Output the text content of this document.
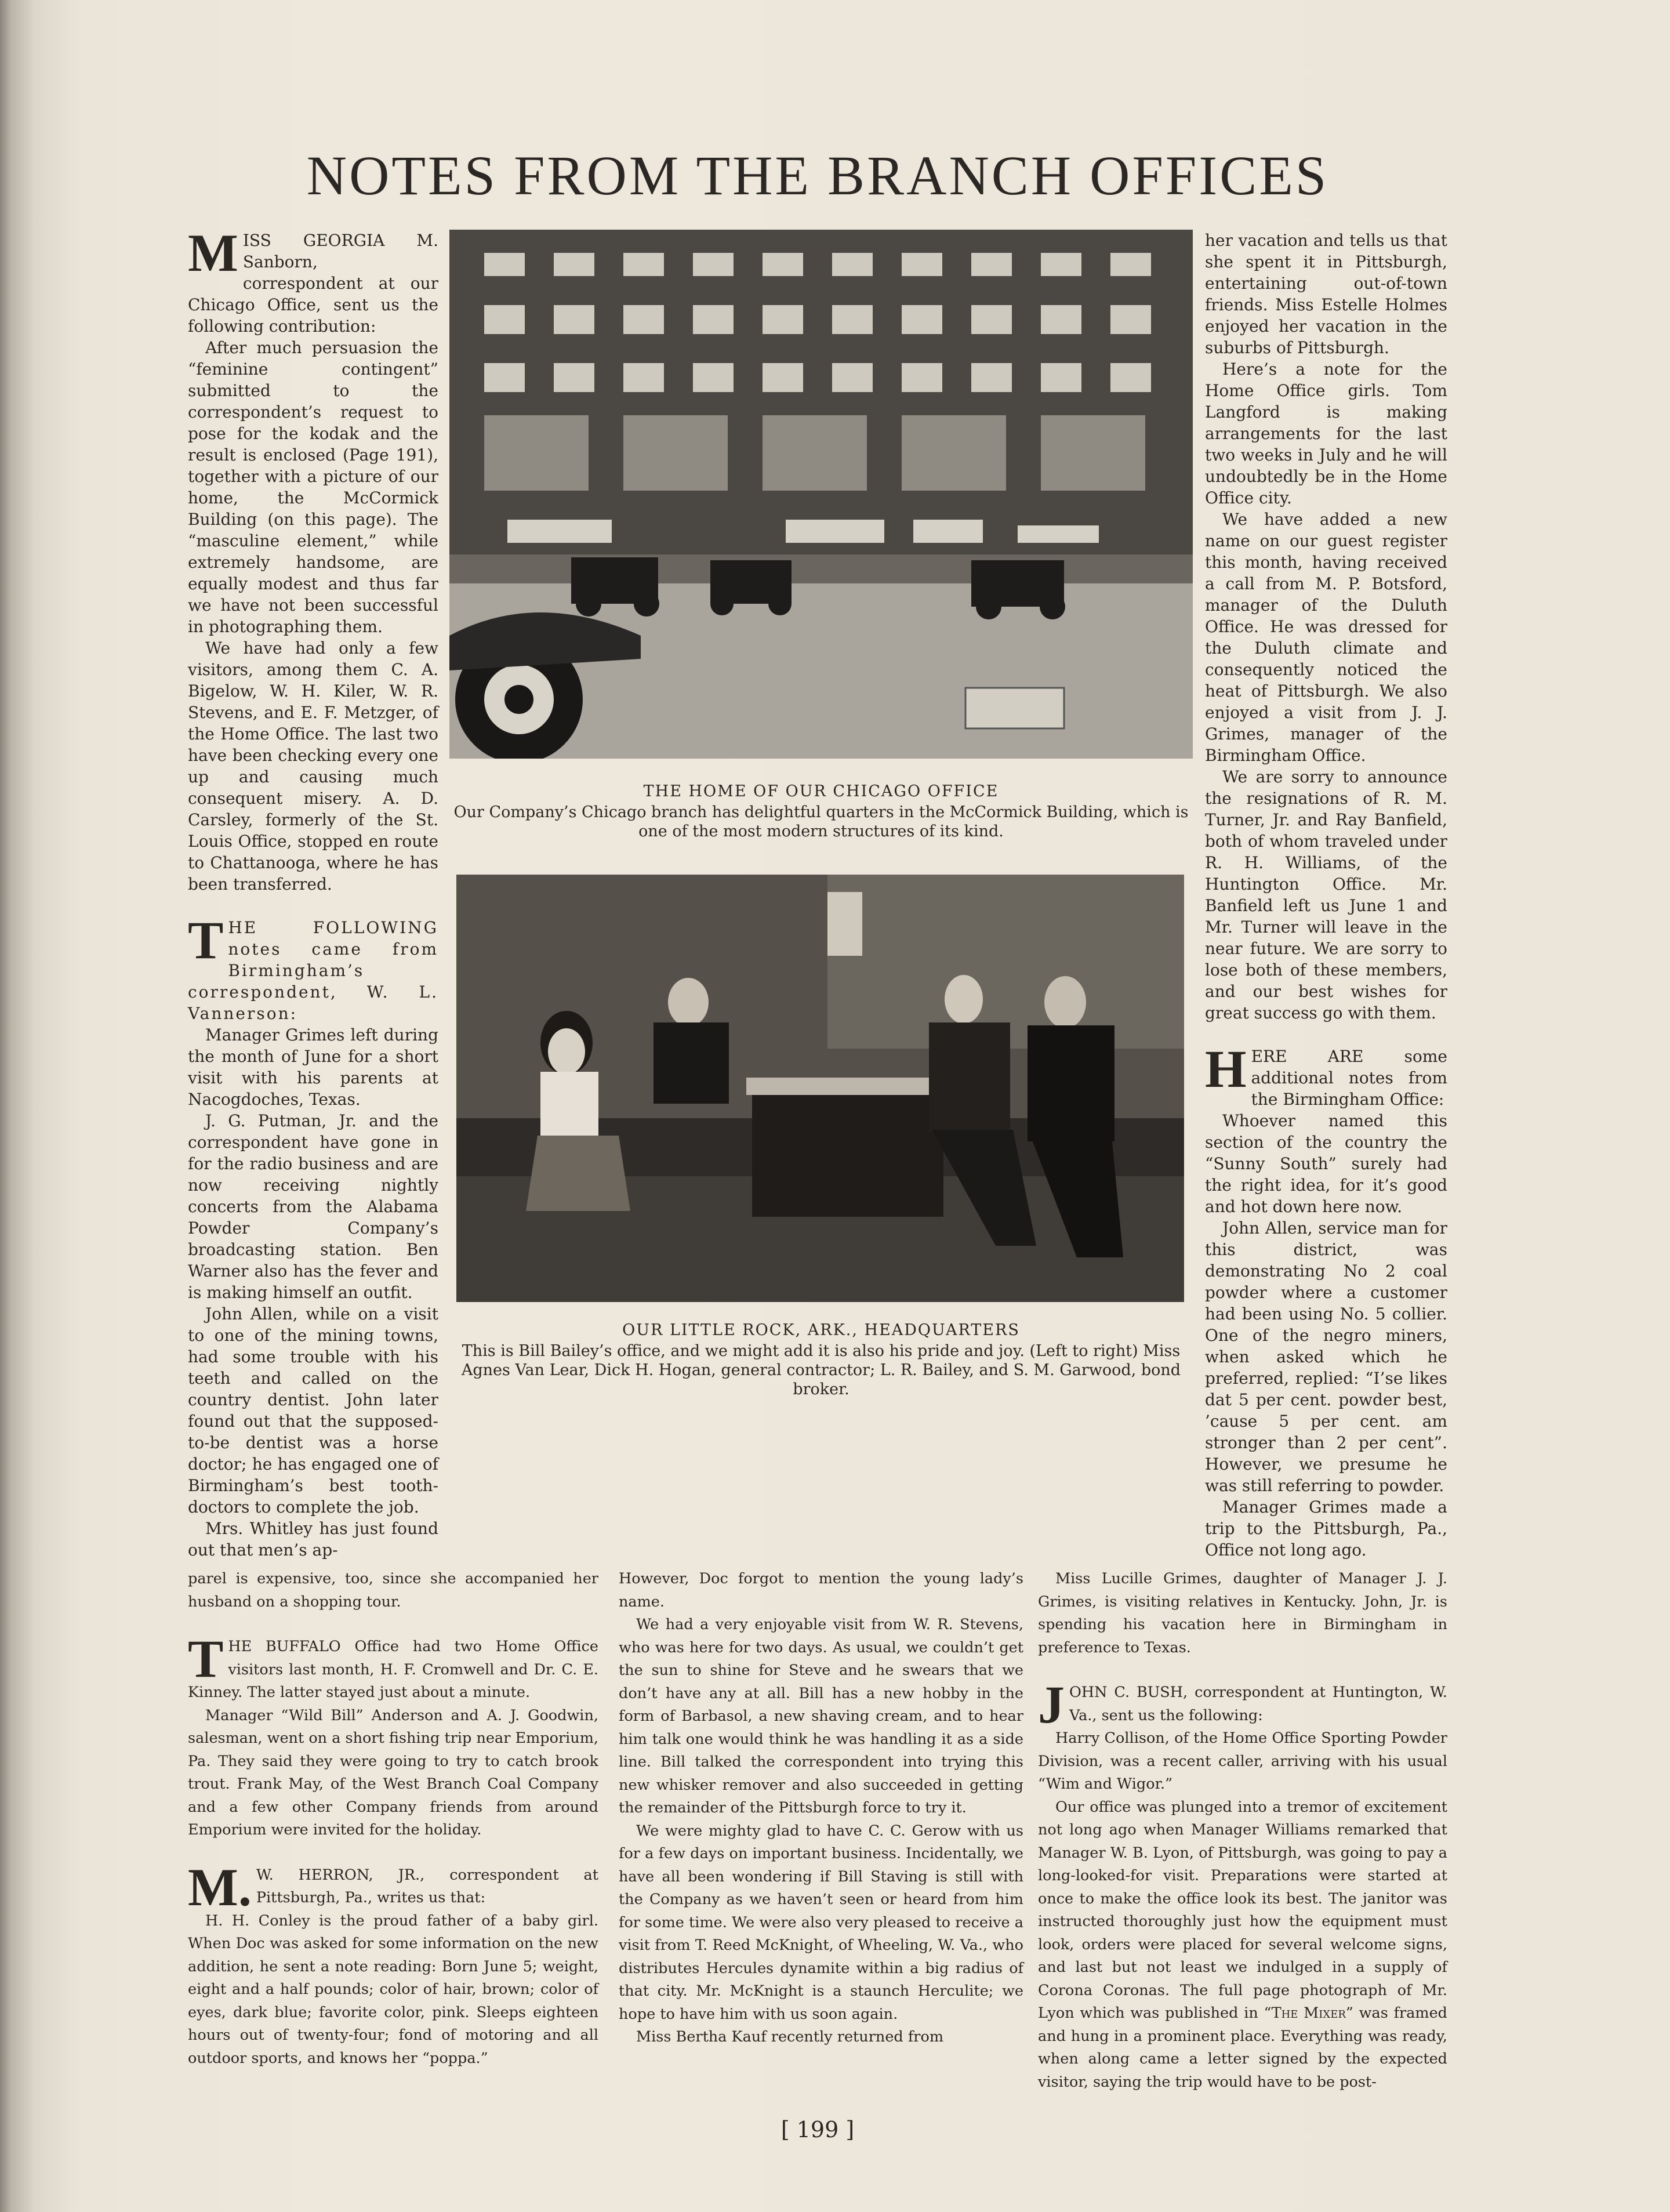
NOTES FROM THE BRANCH OFFICES

MISS GEORGIA M. Sanborn, correspondent at our Chicago Office, sent us the following contribution:

After much persuasion the “feminine contingent” submitted to the correspondent’s request to pose for the kodak and the result is enclosed (Page 191), together with a picture of our home, the McCormick Building (on this page). The “masculine element,” while extremely handsome, are equally modest and thus far we have not been successful in photographing them.

We have had only a few visitors, among them C. A. Bigelow, W. H. Kiler, W. R. Stevens, and E. F. Metzger, of the Home Office. The last two have been checking every one up and causing much consequent misery. A. D. Carsley, formerly of the St. Louis Office, stopped en route to Chattanooga, where he has been transferred.

THE FOLLOWING notes came from Birmingham’s correspondent, W. L. Vannerson:

Manager Grimes left during the month of June for a short visit with his parents at Nacogdoches, Texas.

J. G. Putman, Jr. and the correspondent have gone in for the radio business and are now receiving nightly concerts from the Alabama Powder Company’s broadcasting station. Ben Warner also has the fever and is making himself an outfit.

John Allen, while on a visit to one of the mining towns, had some trouble with his teeth and called on the country dentist. John later found out that the supposed-to-be dentist was a horse doctor; he has engaged one of Birmingham’s best tooth-doctors to complete the job.

Mrs. Whitley has just found out that men’s ap-

THE HOME OF OUR CHICAGO OFFICE
Our Company’s Chicago branch has delightful quarters in the McCormick Building, which is one of the most modern structures of its kind.
OUR LITTLE ROCK, ARK., HEADQUARTERS
This is Bill Bailey’s office, and we might add it is also his pride and joy. (Left to right) Miss Agnes Van Lear, Dick H. Hogan, general contractor; L. R. Bailey, and S. M. Garwood, bond broker.

her vacation and tells us that she spent it in Pittsburgh, entertaining out-of-town friends. Miss Estelle Holmes enjoyed her vacation in the suburbs of Pittsburgh.

Here’s a note for the Home Office girls. Tom Langford is making arrangements for the last two weeks in July and he will undoubtedly be in the Home Office city.

We have added a new name on our guest register this month, having received a call from M. P. Botsford, manager of the Duluth Office. He was dressed for the Duluth climate and consequently noticed the heat of Pittsburgh. We also enjoyed a visit from J. J. Grimes, manager of the Birmingham Office.

We are sorry to announce the resignations of R. M. Turner, Jr. and Ray Banfield, both of whom traveled under R. H. Williams, of the Huntington Office. Mr. Banfield left us June 1 and Mr. Turner will leave in the near future. We are sorry to lose both of these members, and our best wishes for great success go with them.

HERE ARE some additional notes from the Birmingham Office:

Whoever named this section of the country the “Sunny South” surely had the right idea, for it’s good and hot down here now.

John Allen, service man for this district, was demonstrating No 2 coal powder where a customer had been using No. 5 collier. One of the negro miners, when asked which he preferred, replied: “I’se likes dat 5 per cent. powder best, ’cause 5 per cent. am stronger than 2 per cent”. However, we presume he was still referring to powder.

Manager Grimes made a trip to the Pittsburgh, Pa., Office not long ago.

parel is expensive, too, since she accompanied her husband on a shopping tour.

THE BUFFALO Office had two Home Office visitors last month, H. F. Cromwell and Dr. C. E. Kinney. The latter stayed just about a minute.

Manager “Wild Bill” Anderson and A. J. Goodwin, salesman, went on a short fishing trip near Emporium, Pa. They said they were going to try to catch brook trout. Frank May, of the West Branch Coal Company and a few other Company friends from around Emporium were invited for the holiday.

M. W. HERRON, JR., correspondent at Pittsburgh, Pa., writes us that:

H. H. Conley is the proud father of a baby girl. When Doc was asked for some information on the new addition, he sent a note reading: Born June 5; weight, eight and a half pounds; color of hair, brown; color of eyes, dark blue; favorite color, pink. Sleeps eighteen hours out of twenty-four; fond of motoring and all outdoor sports, and knows her “poppa.”

However, Doc forgot to mention the young lady’s name.

We had a very enjoyable visit from W. R. Stevens, who was here for two days. As usual, we couldn’t get the sun to shine for Steve and he swears that we don’t have any at all. Bill has a new hobby in the form of Barbasol, a new shaving cream, and to hear him talk one would think he was handling it as a side line. Bill talked the correspondent into trying this new whisker remover and also succeeded in getting the remainder of the Pittsburgh force to try it.

We were mighty glad to have C. C. Gerow with us for a few days on important business. Incidentally, we have all been wondering if Bill Staving is still with the Company as we haven’t seen or heard from him for some time. We were also very pleased to receive a visit from T. Reed McKnight, of Wheeling, W. Va., who distributes Hercules dynamite within a big radius of that city. Mr. McKnight is a staunch Herculite; we hope to have him with us soon again.

Miss Bertha Kauf recently returned from

Miss Lucille Grimes, daughter of Manager J. J. Grimes, is visiting relatives in Kentucky. John, Jr. is spending his vacation here in Birmingham in preference to Texas.

JOHN C. BUSH, correspondent at Huntington, W. Va., sent us the following:

Harry Collison, of the Home Office Sporting Powder Division, was a recent caller, arriving with his usual “Wim and Wigor.”

Our office was plunged into a tremor of excitement not long ago when Manager Williams remarked that Manager W. B. Lyon, of Pittsburgh, was going to pay a long-looked-for visit. Preparations were started at once to make the office look its best. The janitor was instructed thoroughly just how the equipment must look, orders were placed for several welcome signs, and last but not least we indulged in a supply of Corona Coronas. The full page photograph of Mr. Lyon which was published in “The Mixer” was framed and hung in a prominent place. Everything was ready, when along came a letter signed by the expected visitor, saying the trip would have to be post-

[ 199 ]
